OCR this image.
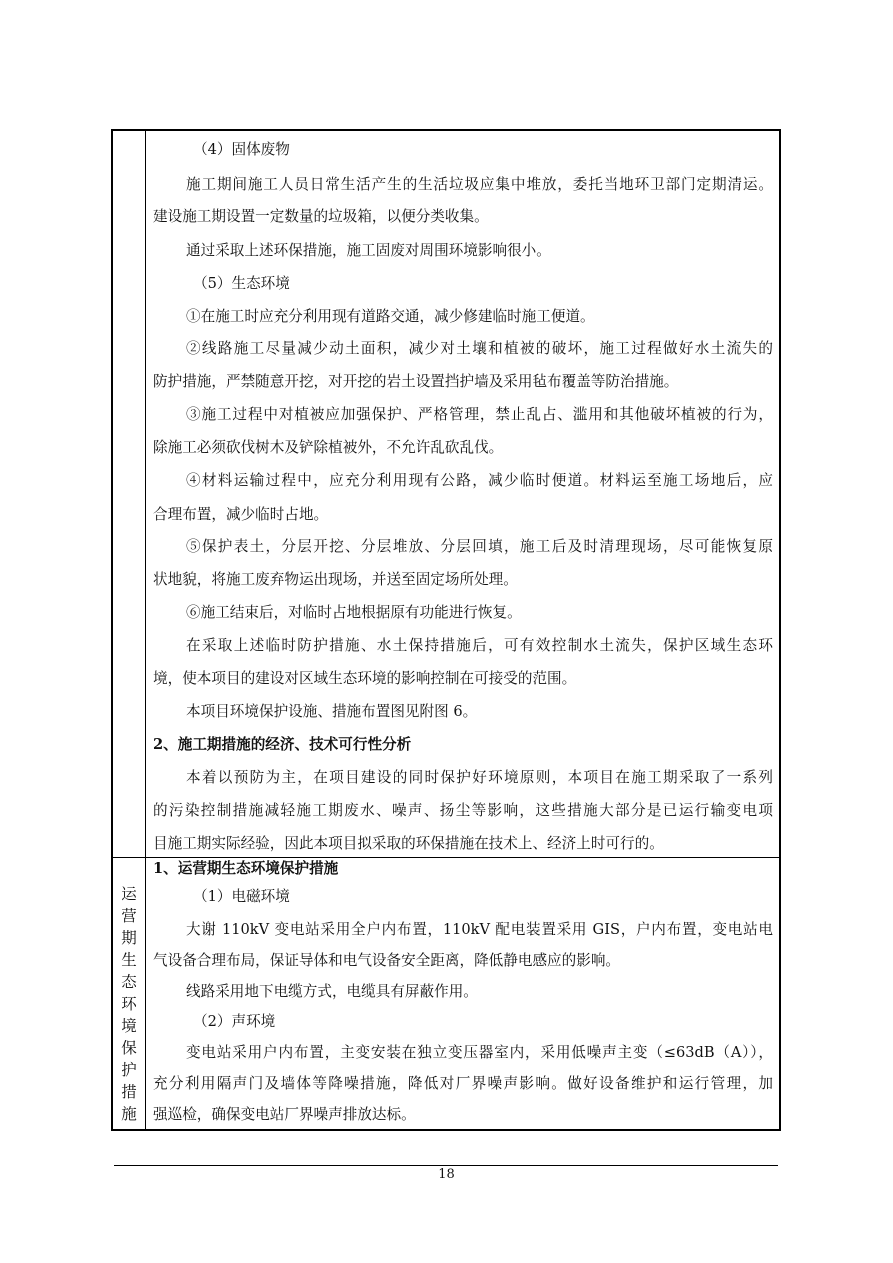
运
营
期
生
态
环
境
保
护
措
施
（4）固体废物
施工期间施工人员日常生活产生的生活垃圾应集中堆放，委托当地环卫部门定期清运。
建设施工期设置一定数量的垃圾箱，以便分类收集。
通过采取上述环保措施，施工固废对周围环境影响很小。
（5）生态环境
①在施工时应充分利用现有道路交通，减少修建临时施工便道。
②线路施工尽量减少动土面积，减少对土壤和植被的破坏，施工过程做好水土流失的
防护措施，严禁随意开挖，对开挖的岩土设置挡护墙及采用毡布覆盖等防治措施。
③施工过程中对植被应加强保护、严格管理，禁止乱占、滥用和其他破坏植被的行为，
除施工必须砍伐树木及铲除植被外，不允许乱砍乱伐。
④材料运输过程中，应充分利用现有公路，减少临时便道。材料运至施工场地后，应
合理布置，减少临时占地。
⑤保护表土，分层开挖、分层堆放、分层回填，施工后及时清理现场，尽可能恢复原
状地貌，将施工废弃物运出现场，并送至固定场所处理。
⑥施工结束后，对临时占地根据原有功能进行恢复。
在采取上述临时防护措施、水土保持措施后，可有效控制水土流失，保护区域生态环
境，使本项目的建设对区域生态环境的影响控制在可接受的范围。
本项目环境保护设施、措施布置图见附图 6。
2、施工期措施的经济、技术可行性分析
本着以预防为主，在项目建设的同时保护好环境原则，本项目在施工期采取了一系列
的污染控制措施减轻施工期废水、噪声、扬尘等影响，这些措施大部分是已运行输变电项
目施工期实际经验，因此本项目拟采取的环保措施在技术上、经济上时可行的。
1、运营期生态环境保护措施
（1）电磁环境
大谢 110kV 变电站采用全户内布置，110kV 配电装置采用 GIS，户内布置，变电站电
气设备合理布局，保证导体和电气设备安全距离，降低静电感应的影响。
线路采用地下电缆方式，电缆具有屏蔽作用。
（2）声环境
变电站采用户内布置，主变安装在独立变压器室内，采用低噪声主变（≤63dB（A）），
充分利用隔声门及墙体等降噪措施，降低对厂界噪声影响。做好设备维护和运行管理，加
强巡检，确保变电站厂界噪声排放达标。
18
